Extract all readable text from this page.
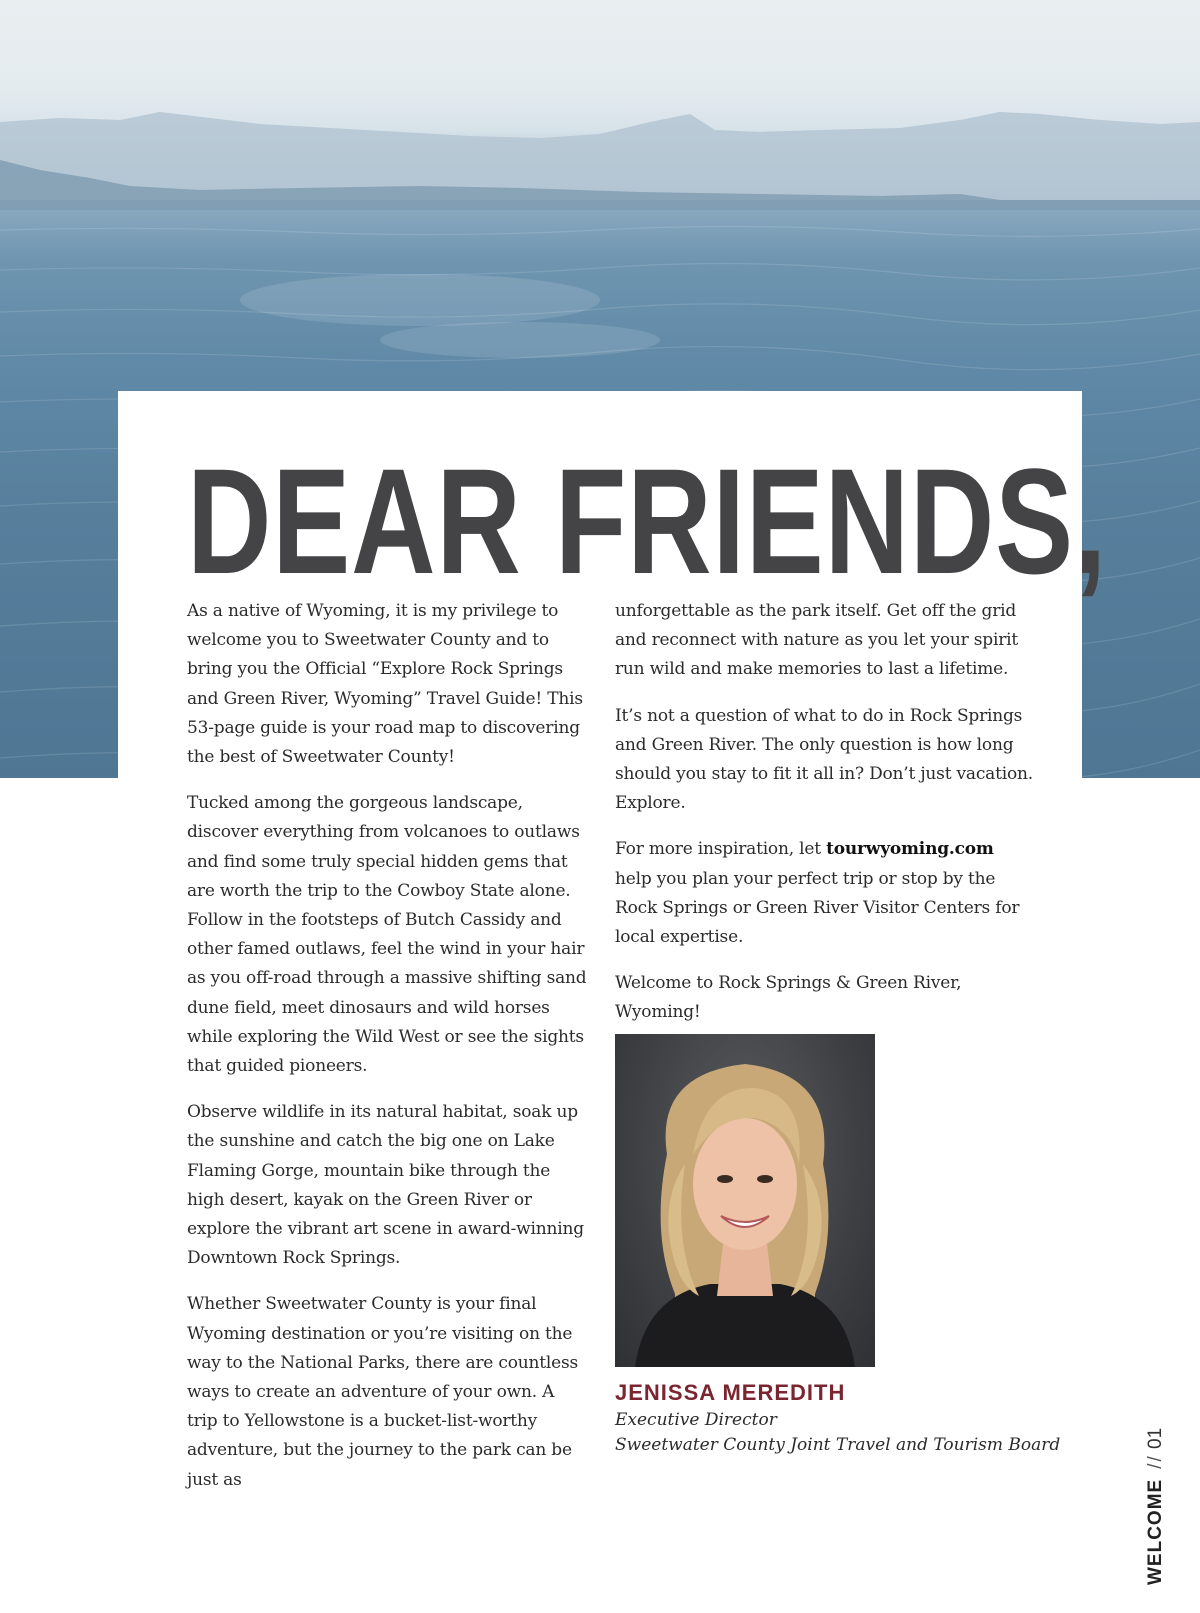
DEAR FRIENDS,

As a native of Wyoming, it is my privilege to welcome you to Sweetwater County and to bring you the Official “Explore Rock Springs and Green River, Wyoming” Travel Guide! This 53-page guide is your road map to discovering the best of Sweetwater County!

Tucked among the gorgeous landscape, discover everything from volcanoes to outlaws and find some truly special hidden gems that are worth the trip to the Cowboy State alone. Follow in the footsteps of Butch Cassidy and other famed outlaws, feel the wind in your hair as you off-road through a massive shifting sand dune field, meet dinosaurs and wild horses while exploring the Wild West or see the sights that guided pioneers.

Observe wildlife in its natural habitat, soak up the sunshine and catch the big one on Lake Flaming Gorge, mountain bike through the high desert, kayak on the Green River or explore the vibrant art scene in award-winning Downtown Rock Springs.

Whether Sweetwater County is your final Wyoming destination or you’re visiting on the way to the National Parks, there are countless ways to create an adventure of your own. A trip to Yellowstone is a bucket-list-worthy adventure, but the journey to the park can be just as

unforgettable as the park itself. Get off the grid and reconnect with nature as you let your spirit run wild and make memories to last a lifetime.

It’s not a question of what to do in Rock Springs and Green River. The only question is how long should you stay to fit it all in? Don’t just vacation. Explore.

For more inspiration, let tourwyoming.com help you plan your perfect trip or stop by the Rock Springs or Green River Visitor Centers for local expertise.

Welcome to Rock Springs & Green River, Wyoming!

JENISSA MEREDITH

Executive Director

Sweetwater County Joint Travel and Tourism Board

WELCOME// 01
